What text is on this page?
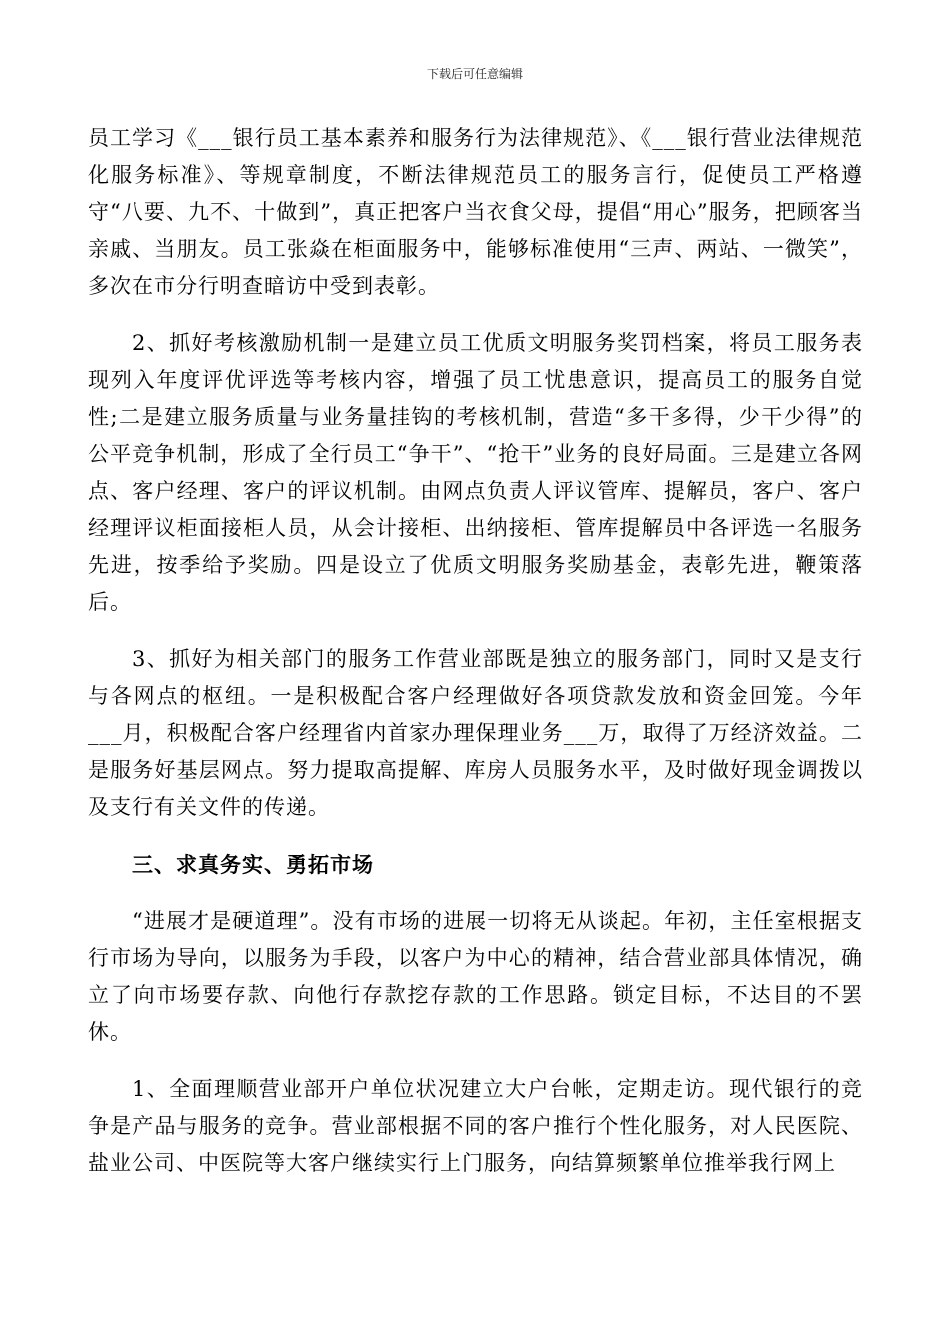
下载后可任意编辑

员工学习《___银行员工基本素养和服务行为法律规范》、《___银行营业法律规范化服务标准》、等规章制度，不断法律规范员工的服务言行，促使员工严格遵守“八要、九不、十做到”，真正把客户当衣食父母，提倡“用心”服务，把顾客当亲戚、当朋友。员工张焱在柜面服务中，能够标准使用“三声、两站、一微笑”，多次在市分行明查暗访中受到表彰。

2、抓好考核激励机制一是建立员工优质文明服务奖罚档案，将员工服务表现列入年度评优评选等考核内容，增强了员工忧患意识，提高员工的服务自觉性;二是建立服务质量与业务量挂钩的考核机制，营造“多干多得，少干少得”的公平竞争机制，形成了全行员工“争干”、“抢干”业务的良好局面。三是建立各网点、客户经理、客户的评议机制。由网点负责人评议管库、提解员，客户、客户经理评议柜面接柜人员，从会计接柜、出纳接柜、管库提解员中各评选一名服务先进，按季给予奖励。四是设立了优质文明服务奖励基金，表彰先进，鞭策落后。

3、抓好为相关部门的服务工作营业部既是独立的服务部门，同时又是支行与各网点的枢纽。一是积极配合客户经理做好各项贷款发放和资金回笼。今年___月，积极配合客户经理省内首家办理保理业务___万，取得了万经济效益。二是服务好基层网点。努力提取高提解、库房人员服务水平，及时做好现金调拨以及支行有关文件的传递。

三、求真务实、勇拓市场

“进展才是硬道理”。没有市场的进展一切将无从谈起。年初，主任室根据支行市场为导向，以服务为手段，以客户为中心的精神，结合营业部具体情况，确立了向市场要存款、向他行存款挖存款的工作思路。锁定目标，不达目的不罢休。

1、全面理顺营业部开户单位状况建立大户台帐，定期走访。现代银行的竞争是产品与服务的竞争。营业部根据不同的客户推行个性化服务，对人民医院、盐业公司、中医院等大客户继续实行上门服务，向结算频繁单位推举我行网上
